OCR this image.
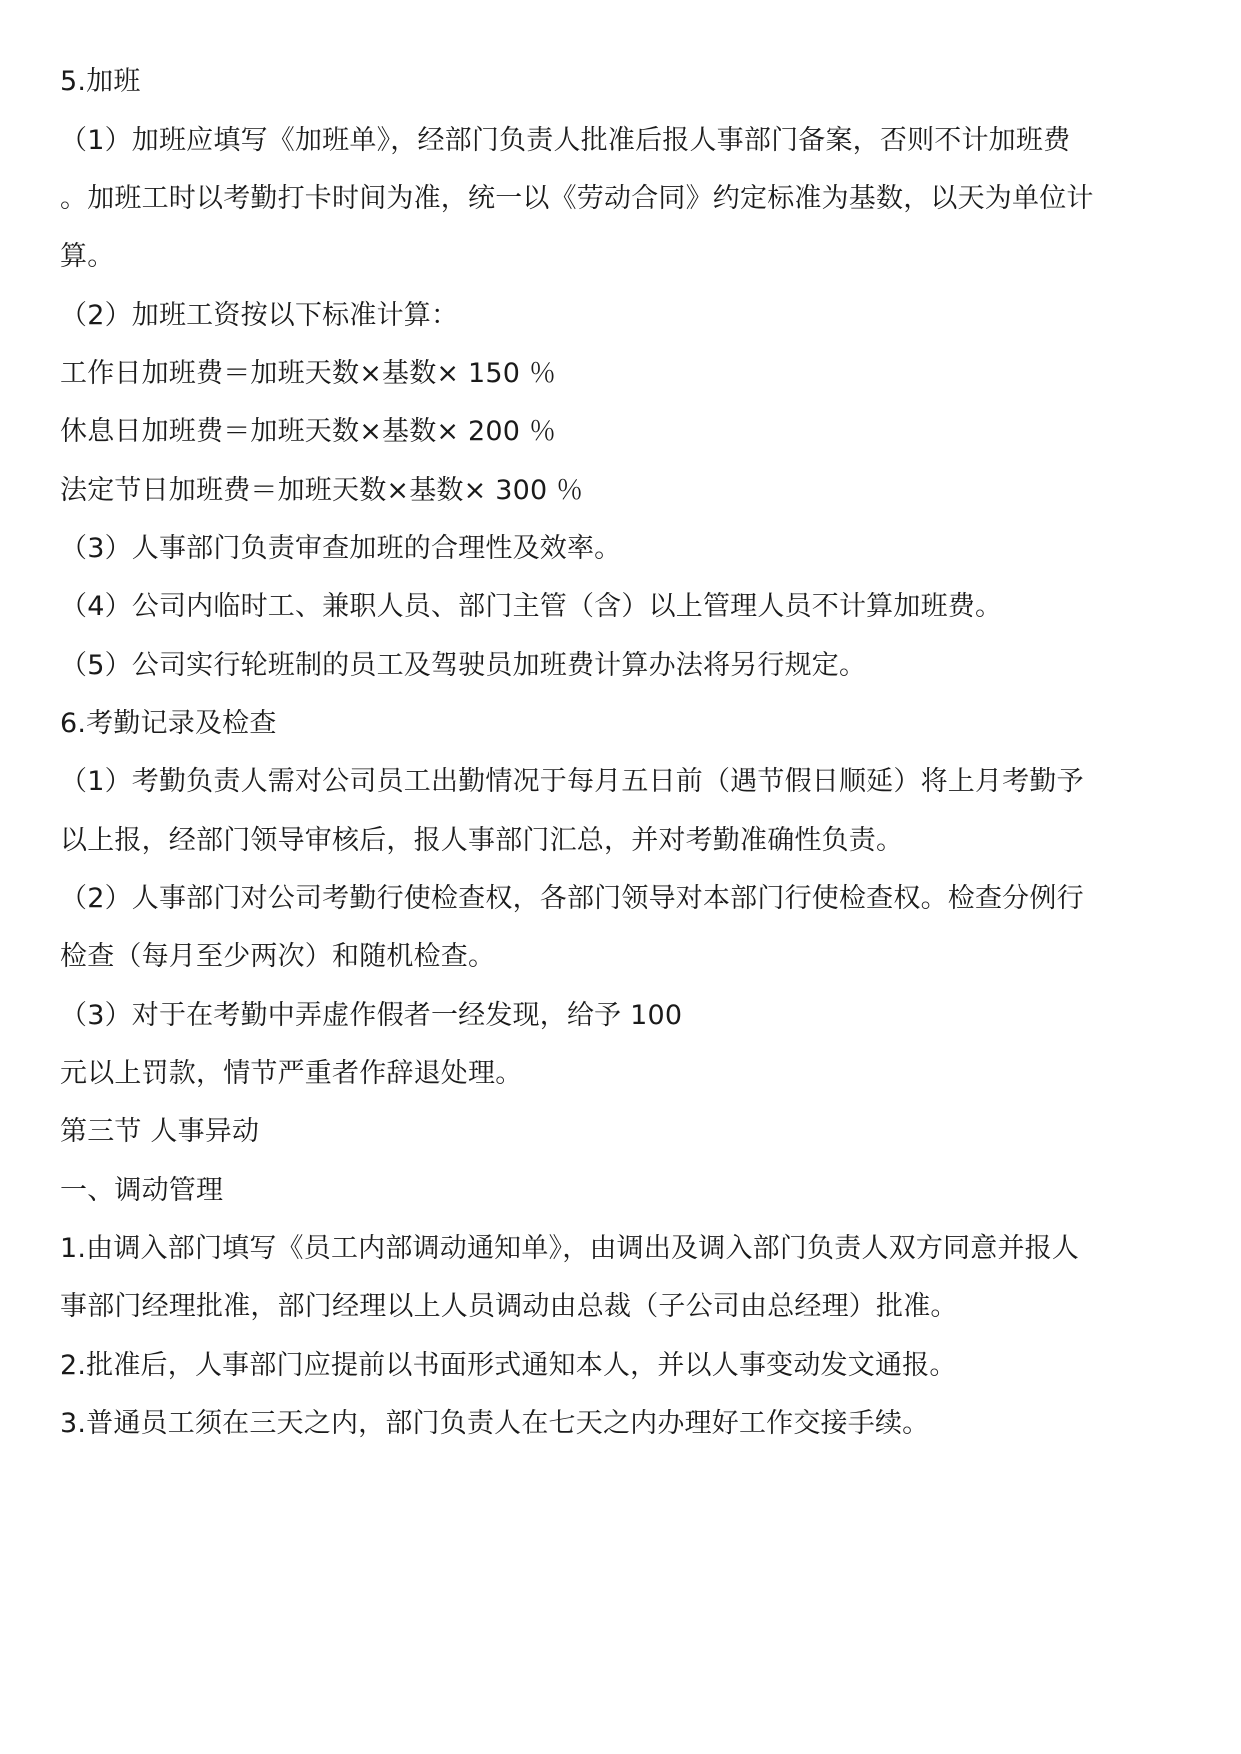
5.加班
（1）加班应填写《加班单》，经部门负责人批准后报人事部门备案，否则不计加班费
。加班工时以考勤打卡时间为准，统一以《劳动合同》约定标准为基数，以天为单位计
算。
（2）加班工资按以下标准计算：
工作日加班费＝加班天数×基数× 150 ％
休息日加班费＝加班天数×基数× 200 ％
法定节日加班费＝加班天数×基数× 300 ％
（3）人事部门负责审查加班的合理性及效率。
（4）公司内临时工、兼职人员、部门主管（含）以上管理人员不计算加班费。
（5）公司实行轮班制的员工及驾驶员加班费计算办法将另行规定。
6.考勤记录及检查
（1）考勤负责人需对公司员工出勤情况于每月五日前（遇节假日顺延）将上月考勤予
以上报，经部门领导审核后，报人事部门汇总，并对考勤准确性负责。
（2）人事部门对公司考勤行使检查权，各部门领导对本部门行使检查权。检查分例行
检查（每月至少两次）和随机检查。
（3）对于在考勤中弄虚作假者一经发现，给予 100
元以上罚款，情节严重者作辞退处理。
第三节 人事异动
一、调动管理
1.由调入部门填写《员工内部调动通知单》，由调出及调入部门负责人双方同意并报人
事部门经理批准，部门经理以上人员调动由总裁（子公司由总经理）批准。
2.批准后，人事部门应提前以书面形式通知本人，并以人事变动发文通报。
3.普通员工须在三天之内，部门负责人在七天之内办理好工作交接手续。
